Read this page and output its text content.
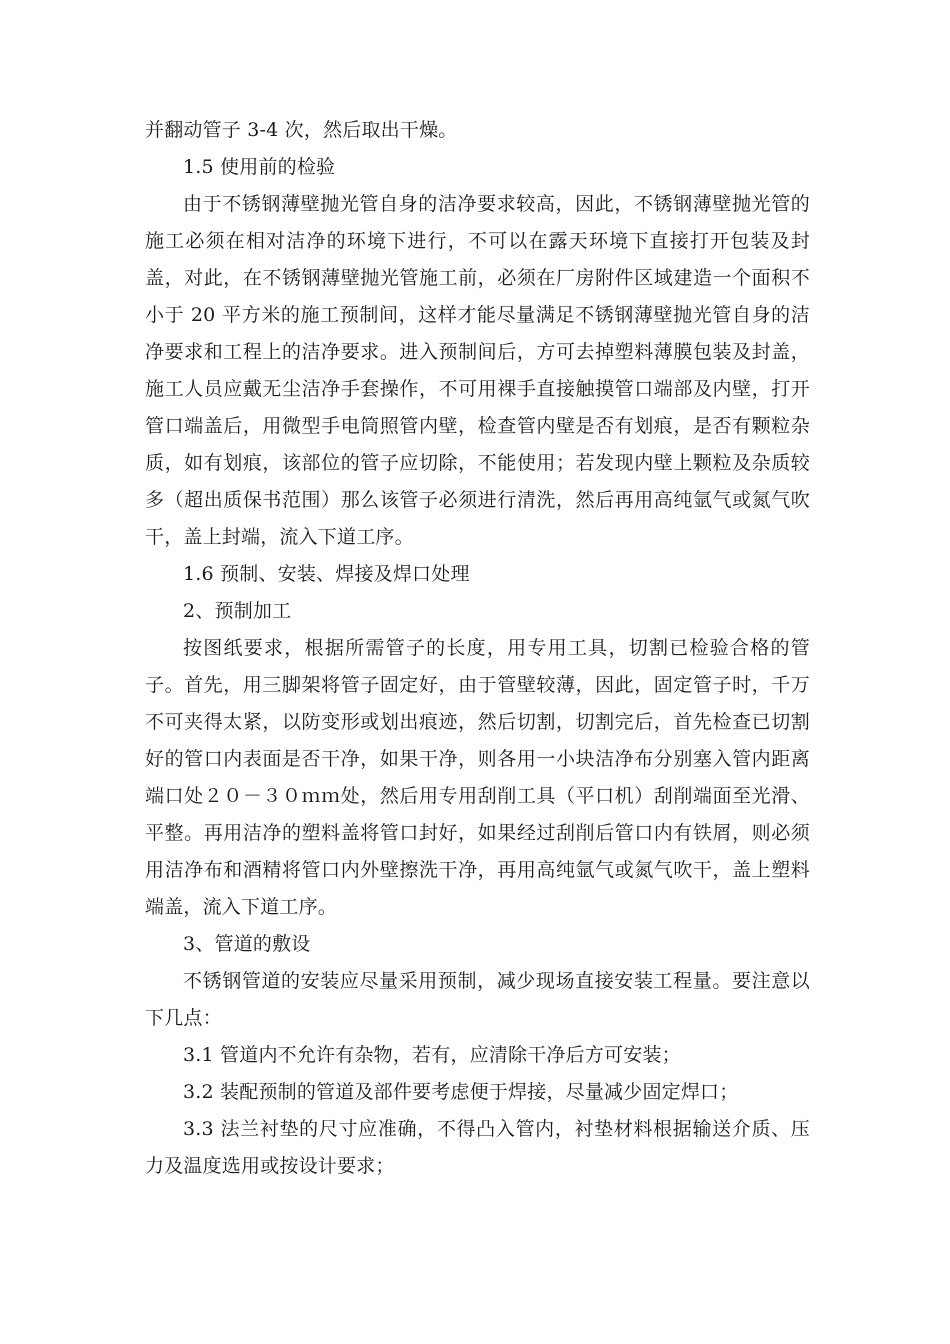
并翻动管子 3-4 次，然后取出干燥。

1.5 使用前的检验

由于不锈钢薄壁抛光管自身的洁净要求较高，因此，不锈钢薄壁抛光管的施工必须在相对洁净的环境下进行，不可以在露天环境下直接打开包装及封盖，对此，在不锈钢薄壁抛光管施工前，必须在厂房附件区域建造一个面积不小于 20 平方米的施工预制间，这样才能尽量满足不锈钢薄壁抛光管自身的洁净要求和工程上的洁净要求。进入预制间后，方可去掉塑料薄膜包装及封盖，施工人员应戴无尘洁净手套操作，不可用裸手直接触摸管口端部及内壁，打开管口端盖后，用微型手电筒照管内壁，检查管内壁是否有划痕，是否有颗粒杂质，如有划痕，该部位的管子应切除，不能使用；若发现内壁上颗粒及杂质较多（超出质保书范围）那么该管子必须进行清洗，然后再用高纯氩气或氮气吹干，盖上封端，流入下道工序。

1.6 预制、安装、焊接及焊口处理

2、预制加工

按图纸要求，根据所需管子的长度，用专用工具，切割已检验合格的管子。首先，用三脚架将管子固定好，由于管壁较薄，因此，固定管子时，千万不可夹得太紧，以防变形或划出痕迹，然后切割，切割完后，首先检查已切割好的管口内表面是否干净，如果干净，则各用一小块洁净布分别塞入管内距离端口处２０－３０ｍｍ处，然后用专用刮削工具（平口机）刮削端面至光滑、平整。再用洁净的塑料盖将管口封好，如果经过刮削后管口内有铁屑，则必须用洁净布和酒精将管口内外壁擦洗干净，再用高纯氩气或氮气吹干，盖上塑料端盖，流入下道工序。

3、管道的敷设

不锈钢管道的安装应尽量采用预制，减少现场直接安装工程量。要注意以下几点：

3.1 管道内不允许有杂物，若有，应清除干净后方可安装；

3.2 装配预制的管道及部件要考虑便于焊接，尽量减少固定焊口；

3.3 法兰衬垫的尺寸应准确，不得凸入管内，衬垫材料根据输送介质、压力及温度选用或按设计要求；
